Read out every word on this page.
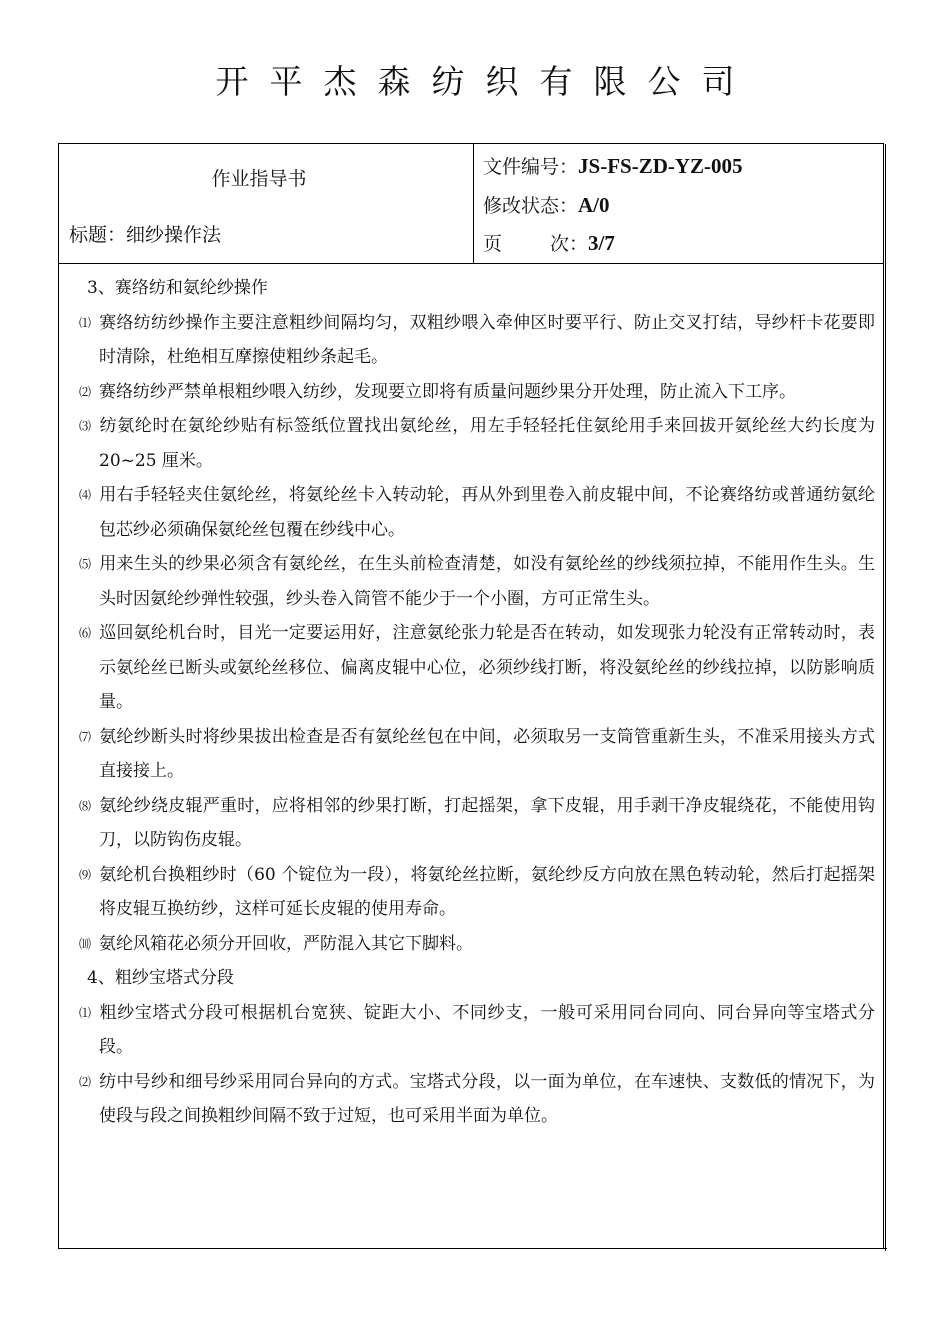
开平杰森纺织有限公司
作业指导书
标题：细纱操作法
文件编号：JS-FS-ZD-YZ-005
修改状态：A/0
页	次：3/7

3、赛络纺和氨纶纱操作

⑴ 赛络纺纺纱操作主要注意粗纱间隔均匀，双粗纱喂入牵伸区时要平行、防止交叉打结，导纱杆卡花要即时清除，杜绝相互摩擦使粗纱条起毛。

⑵ 赛络纺纱严禁单根粗纱喂入纺纱，发现要立即将有质量问题纱果分开处理，防止流入下工序。

⑶ 纺氨纶时在氨纶纱贴有标签纸位置找出氨纶丝，用左手轻轻托住氨纶用手来回拔开氨纶丝大约长度为 20~25 厘米。

⑷ 用右手轻轻夹住氨纶丝，将氨纶丝卡入转动轮，再从外到里卷入前皮辊中间，不论赛络纺或普通纺氨纶包芯纱必须确保氨纶丝包覆在纱线中心。

⑸ 用来生头的纱果必须含有氨纶丝，在生头前检查清楚，如没有氨纶丝的纱线须拉掉，不能用作生头。生头时因氨纶纱弹性较强，纱头卷入筒管不能少于一个小圈，方可正常生头。

⑹ 巡回氨纶机台时，目光一定要运用好，注意氨纶张力轮是否在转动，如发现张力轮没有正常转动时，表示氨纶丝已断头或氨纶丝移位、偏离皮辊中心位，必须纱线打断，将没氨纶丝的纱线拉掉，以防影响质量。

⑺ 氨纶纱断头时将纱果拔出检查是否有氨纶丝包在中间，必须取另一支筒管重新生头，不准采用接头方式直接接上。

⑻ 氨纶纱绕皮辊严重时，应将相邻的纱果打断，打起摇架，拿下皮辊，用手剥干净皮辊绕花，不能使用钩刀，以防钩伤皮辊。

⑼ 氨纶机台换粗纱时（60 个锭位为一段），将氨纶丝拉断，氨纶纱反方向放在黑色转动轮，然后打起摇架将皮辊互换纺纱，这样可延长皮辊的使用寿命。

⑽ 氨纶风箱花必须分开回收，严防混入其它下脚料。

4、粗纱宝塔式分段

⑴ 粗纱宝塔式分段可根据机台宽狭、锭距大小、不同纱支，一般可采用同台同向、同台异向等宝塔式分段。

⑵ 纺中号纱和细号纱采用同台异向的方式。宝塔式分段，以一面为单位，在车速快、支数低的情况下，为使段与段之间换粗纱间隔不致于过短，也可采用半面为单位。
